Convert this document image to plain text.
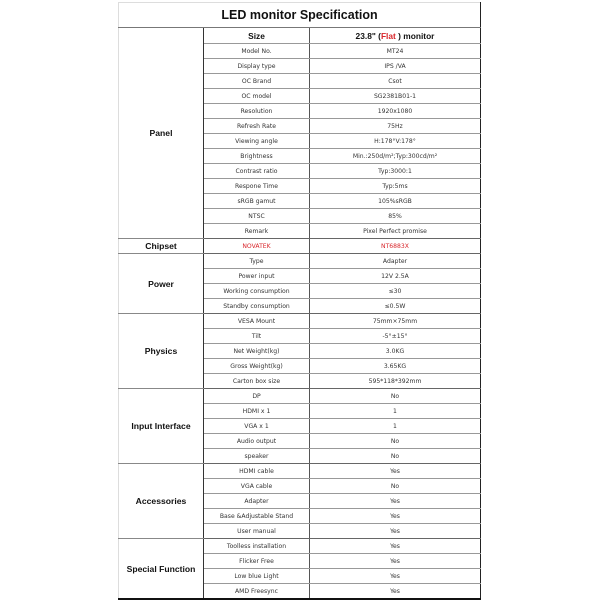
LED monitor Specification		
Panel	Size	23.8" (Flat ) monitor
	Model No.	MT24
	Display type	IPS /VA
	OC Brand	Csot
	OC model	SG2381B01-1
	Resolution	1920x1080
	Refresh Rate	75Hz
	Viewing angle	H:178°V:178°
	Brightness	Min.:250d/m²;Typ:300cd/m²
	Contrast ratio	Typ:3000:1
	Respone Time	Typ:5ms
	sRGB gamut	105%sRGB
	NTSC	85%
	Remark	Pixel Perfect promise
Chipset	NOVATEK	NT6883X
Power	Type	Adapter
	Power input	12V 2.5A
	Working consumption	≤30
	Standby consumption	≤0.5W
Physics	VESA Mount	75mm×75mm
	Tilt	-5°±15°
	Net Weight(kg)	3.0KG
	Gross Weight(kg)	3.65KG
	Carton box size	595*118*392mm
Input Interface	DP	No
	HDMI x 1	1
	VGA x 1	1
	Audio output	No
	speaker	No
Accessories	HDMI cable	Yes
	VGA cable	No
	Adapter	Yes
	Base &Adjustable Stand	Yes
	User manual	Yes
Special Function	Toolless installation	Yes
	Flicker Free	Yes
	Low blue Light	Yes
	AMD Freesync	Yes
